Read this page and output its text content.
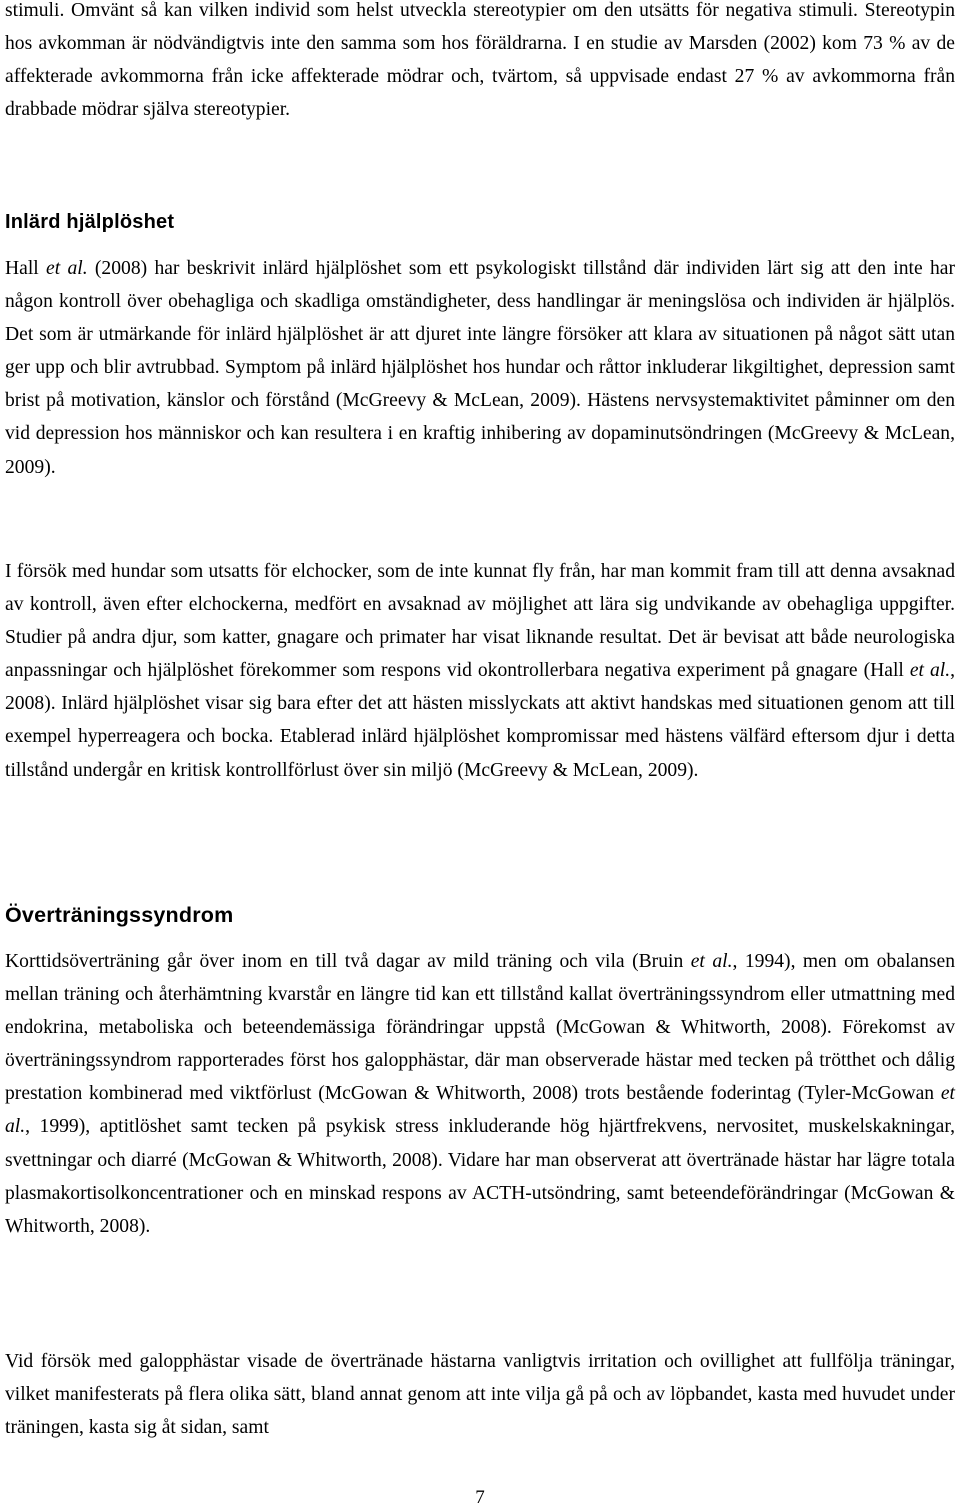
stimuli. Omvänt så kan vilken individ som helst utveckla stereotypier om den utsätts för negativa stimuli. Stereotypin hos avkomman är nödvändigtvis inte den samma som hos föräldrarna. I en studie av Marsden (2002) kom 73 % av de affekterade avkommorna från icke affekterade mödrar och, tvärtom, så uppvisade endast 27 % av avkommorna från drabbade mödrar själva stereotypier.

Inlärd hjälplöshet

Hall et al. (2008) har beskrivit inlärd hjälplöshet som ett psykologiskt tillstånd där individen lärt sig att den inte har någon kontroll över obehagliga och skadliga omständigheter, dess handlingar är meningslösa och individen är hjälplös. Det som är utmärkande för inlärd hjälplöshet är att djuret inte längre försöker att klara av situationen på något sätt utan ger upp och blir avtrubbad. Symptom på inlärd hjälplöshet hos hundar och råttor inkluderar likgiltighet, depression samt brist på motivation, känslor och förstånd (McGreevy & McLean, 2009). Hästens nervsystemaktivitet påminner om den vid depression hos människor och kan resultera i en kraftig inhibering av dopaminutsöndringen (McGreevy & McLean, 2009).

I försök med hundar som utsatts för elchocker, som de inte kunnat fly från, har man kommit fram till att denna avsaknad av kontroll, även efter elchockerna, medfört en avsaknad av möjlighet att lära sig undvikande av obehagliga uppgifter. Studier på andra djur, som katter, gnagare och primater har visat liknande resultat. Det är bevisat att både neurologiska anpassningar och hjälplöshet förekommer som respons vid okontrollerbara negativa experiment på gnagare (Hall et al., 2008). Inlärd hjälplöshet visar sig bara efter det att hästen misslyckats att aktivt handskas med situationen genom att till exempel hyperreagera och bocka. Etablerad inlärd hjälplöshet kompromissar med hästens välfärd eftersom djur i detta tillstånd undergår en kritisk kontrollförlust över sin miljö (McGreevy & McLean, 2009).

Överträningssyndrom

Korttidsöverträning går över inom en till två dagar av mild träning och vila (Bruin et al., 1994), men om obalansen mellan träning och återhämtning kvarstår en längre tid kan ett tillstånd kallat överträningssyndrom eller utmattning med endokrina, metaboliska och beteendemässiga förändringar uppstå (McGowan & Whitworth, 2008). Förekomst av överträningssyndrom rapporterades först hos galopphästar, där man observerade hästar med tecken på trötthet och dålig prestation kombinerad med viktförlust (McGowan & Whitworth, 2008) trots bestående foderintag (Tyler-McGowan et al., 1999), aptitlöshet samt tecken på psykisk stress inkluderande hög hjärtfrekvens, nervositet, muskelskakningar, svettningar och diarré (McGowan & Whitworth, 2008). Vidare har man observerat att övertränade hästar har lägre totala plasmakortisolkoncentrationer och en minskad respons av ACTH-utsöndring, samt beteendeförändringar (McGowan & Whitworth, 2008).

Vid försök med galopphästar visade de övertränade hästarna vanligtvis irritation och ovillighet att fullfölja träningar, vilket manifesterats på flera olika sätt, bland annat genom att inte vilja gå på och av löpbandet, kasta med huvudet under träningen, kasta sig åt sidan, samt

7
